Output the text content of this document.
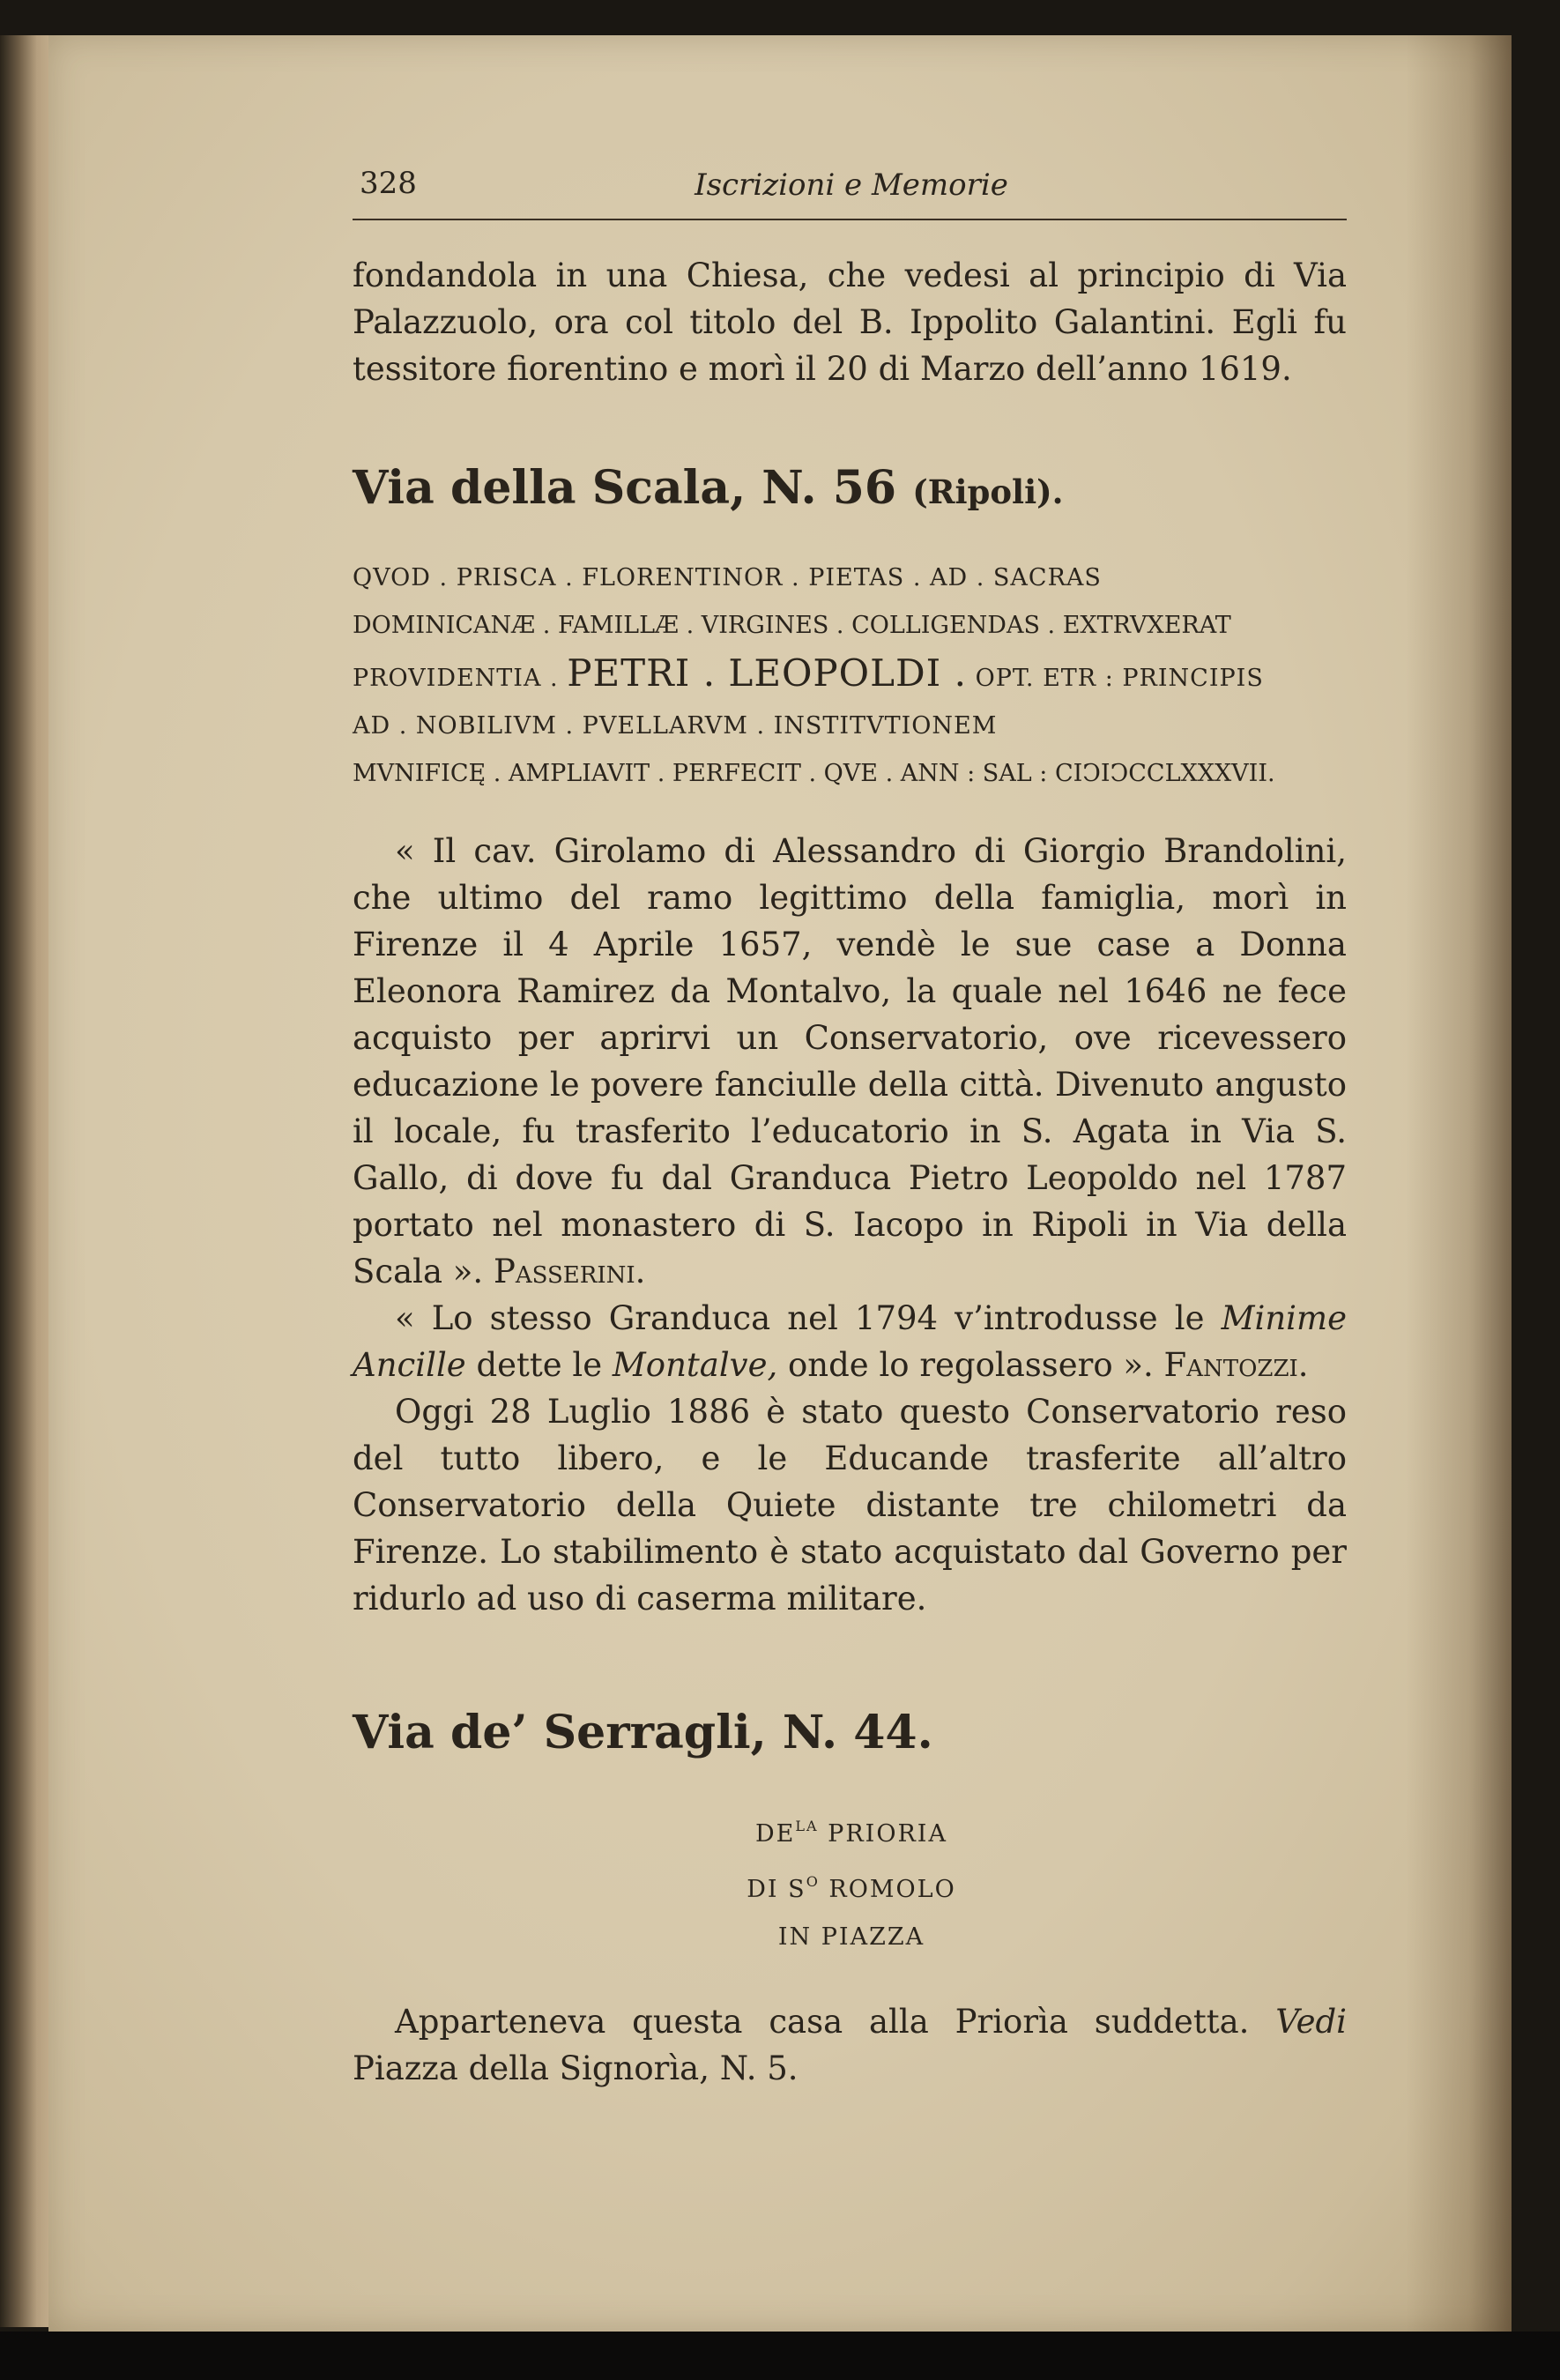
328	Iscrizioni e Memorie

fondandola in una Chiesa, che vedesi al principio di Via Palazzuolo, ora col titolo del B. Ippolito Galantini. Egli fu tessitore fiorentino e morì il 20 di Marzo dell’anno 1619.

Via della Scala, N. 56 (Ripoli).
QVOD . PRISCA . FLORENTINOR . PIETAS . AD . SACRAS
DOMINICANÆ . FAMILLÆ . VIRGINES . COLLIGENDAS . EXTRVXERAT
PROVIDENTIA . PETRI . LEOPOLDI . OPT. ETR : PRINCIPIS
AD . NOBILIVM . PVELLARVM . INSTITVTIONEM
MVNIFICĘ . AMPLIAVIT . PERFECIT . QVE . ANN : SAL : CIↃIↃCCLXXXVII.

« Il cav. Girolamo di Alessandro di Giorgio Brandolini, che ultimo del ramo legittimo della famiglia, morì in Firenze il 4 Aprile 1657, vendè le sue case a Donna Eleonora Ramirez da Montalvo, la quale nel 1646 ne fece acquisto per aprirvi un Conservatorio, ove ricevessero educazione le povere fanciulle della città. Divenuto angusto il locale, fu trasferito l’educatorio in S. Agata in Via S. Gallo, di dove fu dal Granduca Pietro Leopoldo nel 1787 portato nel monastero di S. Iacopo in Ripoli in Via della Scala ». Passerini.

« Lo stesso Granduca nel 1794 v’introdusse le Minime Ancille dette le Montalve, onde lo regolassero ». Fantozzi.

Oggi 28 Luglio 1886 è stato questo Conservatorio reso del tutto libero, e le Educande trasferite all’altro Conservatorio della Quiete distante tre chilometri da Firenze. Lo stabilimento è stato acquistato dal Governo per ridurlo ad uso di caserma militare.

Via de’ Serragli, N. 44.
$DE^{LA}$ PRIORIA
DI $S^O$ ROMOLO
IN PIAZZA

Apparteneva questa casa alla Priorìa suddetta. Vedi Piazza della Signorìa, N. 5.
